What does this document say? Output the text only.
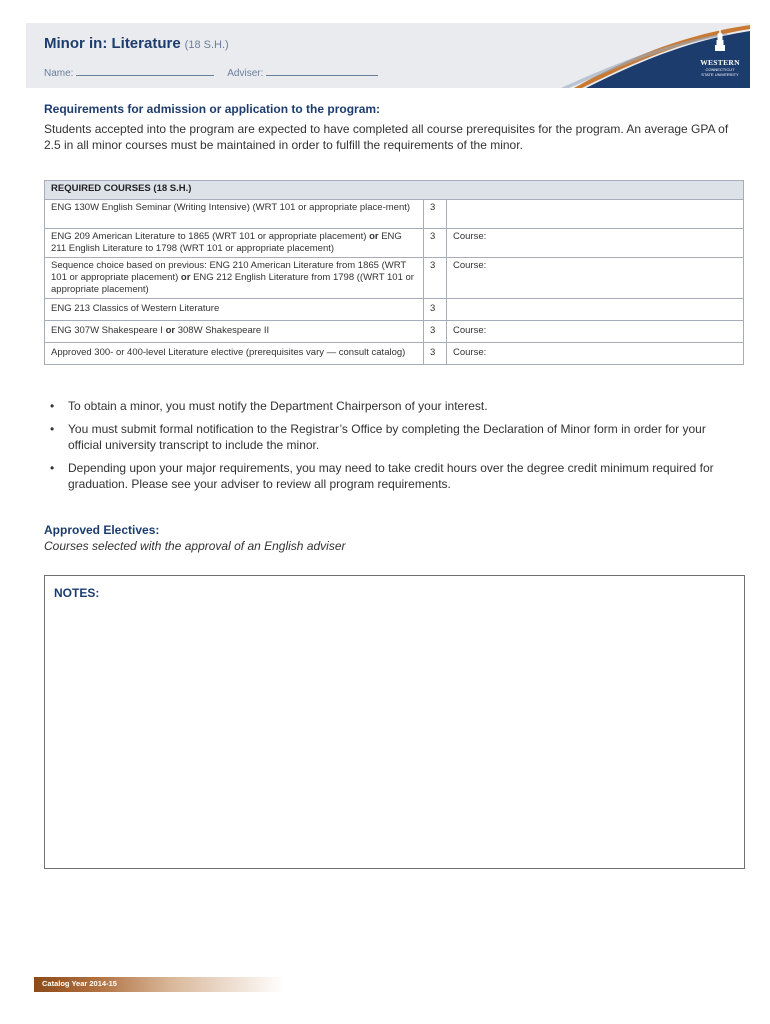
Minor in: Literature (18 S.H.)
Name:	Adviser:
WESTERN
CONNECTICUT
STATE UNIVERSITY
Requirements for admission or application to the program:
Students accepted into the program are expected to have completed all course prerequisites for the program. An average GPA of 2.5 in all minor courses must be maintained in order to fulfill the requirements of the minor.
REQUIRED COURSES (18 S.H.)		
ENG 130W English Seminar (Writing Intensive) (WRT 101 or appropriate place-ment)	3	
ENG 209 American Literature to 1865 (WRT 101 or appropriate placement) or ENG 211 English Literature to 1798 (WRT 101 or appropriate placement)	3	Course:
Sequence choice based on previous: ENG 210 American Literature from 1865 (WRT 101 or appropriate placement) or ENG 212 English Literature from 1798 ((WRT 101 or appropriate placement)	3	Course:
ENG 213 Classics of Western Literature	3	
ENG 307W Shakespeare I or 308W Shakespeare II	3	Course:
Approved 300- or 400-level Literature elective (prerequisites vary — consult catalog)	3	Course:
• To obtain a minor, you must notify the Department Chairperson of your interest.
• You must submit formal notification to the Registrar’s Office by completing the Declaration of Minor form in order for your official university transcript to include the minor.
• Depending upon your major requirements, you may need to take credit hours over the degree credit minimum required for graduation. Please see your adviser to review all program requirements.
Approved Electives:
Courses selected with the approval of an English adviser
NOTES:
Catalog Year 2014-15
